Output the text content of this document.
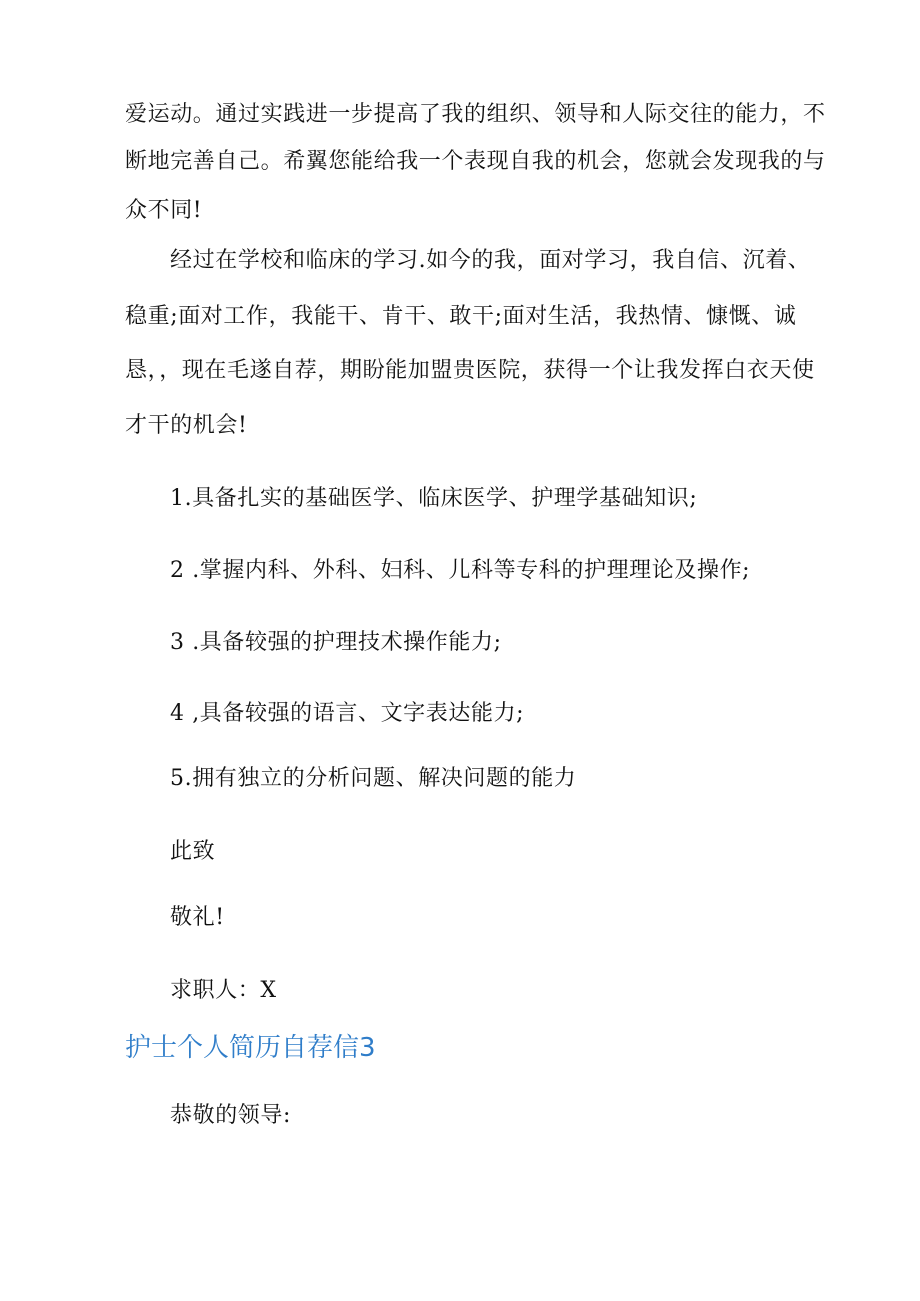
爱运动。通过实践进一步提高了我的组织、领导和人际交往的能力，不
断地完善自己。希翼您能给我一个表现自我的机会，您就会发现我的与
众不同!
经过在学校和临床的学习.如今的我，面对学习，我自信、沉着、
稳重;面对工作，我能干、肯干、敢干;面对生活，我热情、慷慨、诚
恳，，现在毛遂自荐，期盼能加盟贵医院，获得一个让我发挥白衣天使
才干的机会!
1.具备扎实的基础医学、临床医学、护理学基础知识;
2 .掌握内科、外科、妇科、儿科等专科的护理理论及操作;
3 .具备较强的护理技术操作能力;
4 ,具备较强的语言、文字表达能力;
5.拥有独立的分析问题、解决问题的能力
此致
敬礼!
求职人：X
护士个人简历自荐信3
恭敬的领导:
